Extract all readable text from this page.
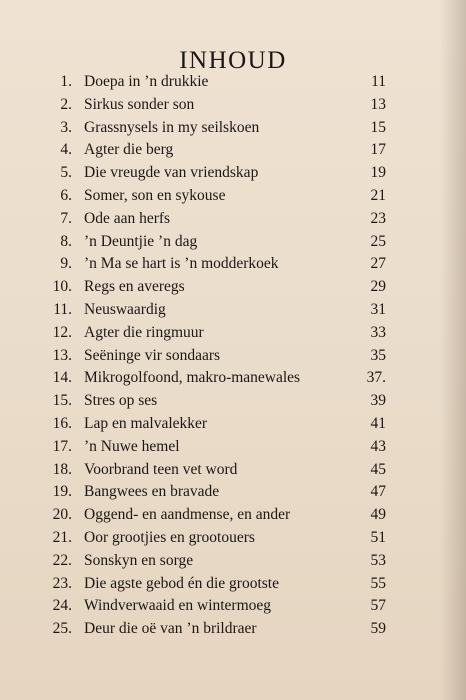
INHOUD
1. Doepa in ’n drukkie	11
2. Sirkus sonder son	13
3. Grassnysels in my seilskoen	15
4. Agter die berg	17
5. Die vreugde van vriendskap	19
6. Somer, son en sykouse	21
7. Ode aan herfs	23
8. ’n Deuntjie ’n dag	25
9. ’n Ma se hart is ’n modderkoek	27
10. Regs en averegs	29
11. Neuswaardig	31
12. Agter die ringmuur	33
13. Seëninge vir sondaars	35
14. Mikrogolfoond, makro-manewales	37.
15. Stres op ses	39
16. Lap en malvalekker	41
17. ’n Nuwe hemel	43
18. Voorbrand teen vet word	45
19. Bangwees en bravade	47
20. Oggend- en aandmense, en ander	49
21. Oor grootjies en grootouers	51
22. Sonskyn en sorge	53
23. Die agste gebod én die grootste	55
24. Windverwaaid en wintermoeg	57
25. Deur die oë van ’n brildraer	59
